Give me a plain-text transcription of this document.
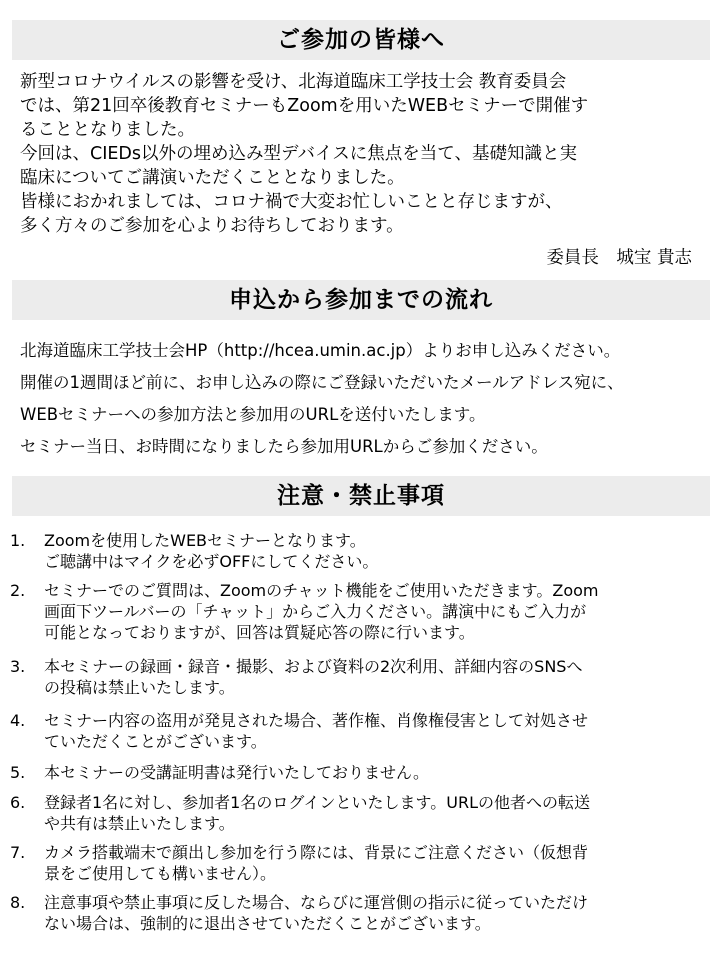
ご参加の皆様へ
新型コロナウイルスの影響を受け、北海道臨床工学技士会 教育委員会
では、第21回卒後教育セミナーもZoomを用いたWEBセミナーで開催す
ることとなりました。
今回は、CIEDs以外の埋め込み型デバイスに焦点を当て、基礎知識と実
臨床についてご講演いただくこととなりました。
皆様におかれましては、コロナ禍で大変お忙しいことと存じますが、
多く方々のご参加を心よりお待ちしております。
委員長　城宝 貴志
申込から参加までの流れ
北海道臨床工学技士会HP（http://hcea.umin.ac.jp）よりお申し込みください。
開催の1週間ほど前に、お申し込みの際にご登録いただいたメールアドレス宛に、
WEBセミナーへの参加方法と参加用のURLを送付いたします。
セミナー当日、お時間になりましたら参加用URLからご参加ください。
注意・禁止事項
1. Zoomを使用したWEBセミナーとなります。
ご聴講中はマイクを必ずOFFにしてください。
2. セミナーでのご質問は、Zoomのチャット機能をご使用いただきます。Zoom
画面下ツールバーの「チャット」からご入力ください。講演中にもご入力が
可能となっておりますが、回答は質疑応答の際に行います。
3. 本セミナーの録画・録音・撮影、および資料の2次利用、詳細内容のSNSへ
の投稿は禁止いたします。
4. セミナー内容の盗用が発見された場合、著作権、肖像権侵害として対処させ
ていただくことがございます。
5. 本セミナーの受講証明書は発行いたしておりません。
6. 登録者1名に対し、参加者1名のログインといたします。URLの他者への転送
や共有は禁止いたします。
7. カメラ搭載端末で顔出し参加を行う際には、背景にご注意ください（仮想背
景をご使用しても構いません）。
8. 注意事項や禁止事項に反した場合、ならびに運営側の指示に従っていただけ
ない場合は、強制的に退出させていただくことがございます。
